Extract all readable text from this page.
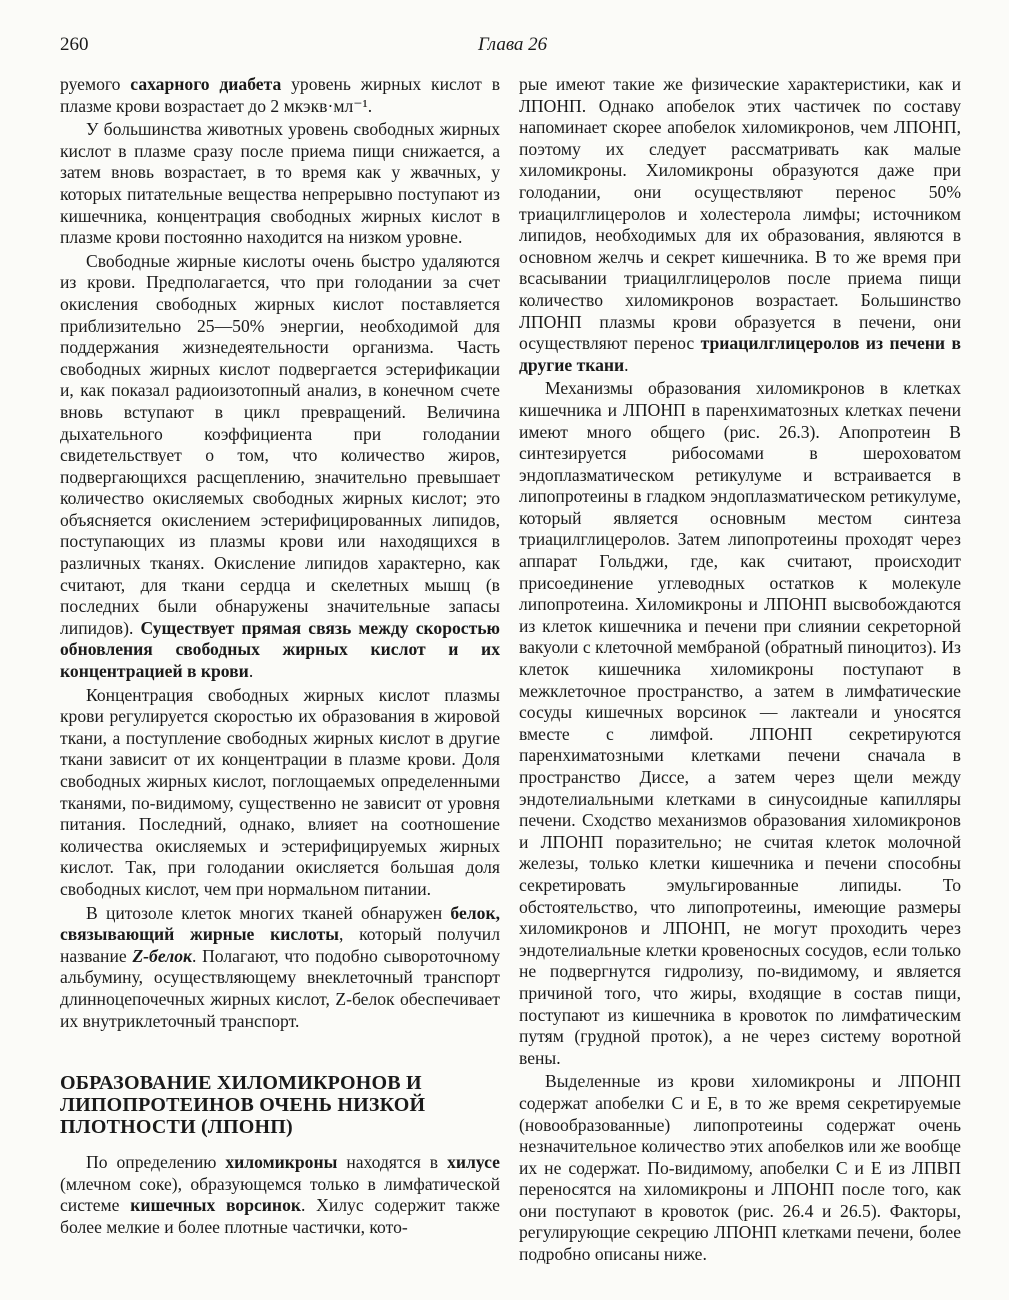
260	Глава 26

руемого сахарного диабета уровень жирных кислот в плазме крови возрастает до 2 мкэкв·мл⁻¹.

У большинства животных уровень свободных жирных кислот в плазме сразу после приема пищи снижается, а затем вновь возрастает, в то время как у жвачных, у которых питательные вещества непрерывно поступают из кишечника, концентрация свободных жирных кислот в плазме крови постоянно находится на низком уровне.

Свободные жирные кислоты очень быстро удаляются из крови. Предполагается, что при голодании за счет окисления свободных жирных кислот поставляется приблизительно 25—50% энергии, необходимой для поддержания жизнедеятельности организма. Часть свободных жирных кислот подвергается эстерификации и, как показал радиоизотопный анализ, в конечном счете вновь вступают в цикл превращений. Величина дыхательного коэффициента при голодании свидетельствует о том, что количество жиров, подвергающихся расщеплению, значительно превышает количество окисляемых свободных жирных кислот; это объясняется окислением эстерифицированных липидов, поступающих из плазмы крови или находящихся в различных тканях. Окисление липидов характерно, как считают, для ткани сердца и скелетных мышц (в последних были обнаружены значительные запасы липидов). Существует прямая связь между скоростью обновления свободных жирных кислот и их концентрацией в крови.

Концентрация свободных жирных кислот плазмы крови регулируется скоростью их образования в жировой ткани, а поступление свободных жирных кислот в другие ткани зависит от их концентрации в плазме крови. Доля свободных жирных кислот, поглощаемых определенными тканями, по-видимому, существенно не зависит от уровня питания. Последний, однако, влияет на соотношение количества окисляемых и эстерифицируемых жирных кислот. Так, при голодании окисляется большая доля свободных кислот, чем при нормальном питании.

В цитозоле клеток многих тканей обнаружен белок, связывающий жирные кислоты, который получил название Z-белок. Полагают, что подобно сывороточному альбумину, осуществляющему внеклеточный транспорт длинноцепочечных жирных кислот, Z-белок обеспечивает их внутриклеточный транспорт.

ОБРАЗОВАНИЕ ХИЛОМИКРОНОВ И ЛИПОПРОТЕИНОВ ОЧЕНЬ НИЗКОЙ ПЛОТНОСТИ (ЛПОНП)

По определению хиломикроны находятся в хилусе (млечном соке), образующемся только в лимфатической системе кишечных ворсинок. Хилус содержит также более мелкие и более плотные частички, кото-

рые имеют такие же физические характеристики, как и ЛПОНП. Однако апобелок этих частичек по составу напоминает скорее апобелок хиломикронов, чем ЛПОНП, поэтому их следует рассматривать как малые хиломикроны. Хиломикроны образуются даже при голодании, они осуществляют перенос 50% триацилглицеролов и холестерола лимфы; источником липидов, необходимых для их образования, являются в основном желчь и секрет кишечника. В то же время при всасывании триацилглицеролов после приема пищи количество хиломикронов возрастает. Большинство ЛПОНП плазмы крови образуется в печени, они осуществляют перенос триацилглицеролов из печени в другие ткани.

Механизмы образования хиломикронов в клетках кишечника и ЛПОНП в паренхиматозных клетках печени имеют много общего (рис. 26.3). Апопротеин В синтезируется рибосомами в шероховатом эндоплазматическом ретикулуме и встраивается в липопротеины в гладком эндоплазматическом ретикулуме, который является основным местом синтеза триацилглицеролов. Затем липопротеины проходят через аппарат Гольджи, где, как считают, происходит присоединение углеводных остатков к молекуле липопротеина. Хиломикроны и ЛПОНП высвобождаются из клеток кишечника и печени при слиянии секреторной вакуоли с клеточной мембраной (обратный пиноцитоз). Из клеток кишечника хиломикроны поступают в межклеточное пространство, а затем в лимфатические сосуды кишечных ворсинок — лактеали и уносятся вместе с лимфой. ЛПОНП секретируются паренхиматозными клетками печени сначала в пространство Диссе, а затем через щели между эндотелиальными клетками в синусоидные капилляры печени. Сходство механизмов образования хиломикронов и ЛПОНП поразительно; не считая клеток молочной железы, только клетки кишечника и печени способны секретировать эмульгированные липиды. То обстоятельство, что липопротеины, имеющие размеры хиломикронов и ЛПОНП, не могут проходить через эндотелиальные клетки кровеносных сосудов, если только не подвергнутся гидролизу, по-видимому, и является причиной того, что жиры, входящие в состав пищи, поступают из кишечника в кровоток по лимфатическим путям (грудной проток), а не через систему воротной вены.

Выделенные из крови хиломикроны и ЛПОНП содержат апобелки С и Е, в то же время секретируемые (новообразованные) липопротеины содержат очень незначительное количество этих апобелков или же вообще их не содержат. По-видимому, апобелки С и Е из ЛПВП переносятся на хиломикроны и ЛПОНП после того, как они поступают в кровоток (рис. 26.4 и 26.5). Факторы, регулирующие секрецию ЛПОНП клетками печени, более подробно описаны ниже.
